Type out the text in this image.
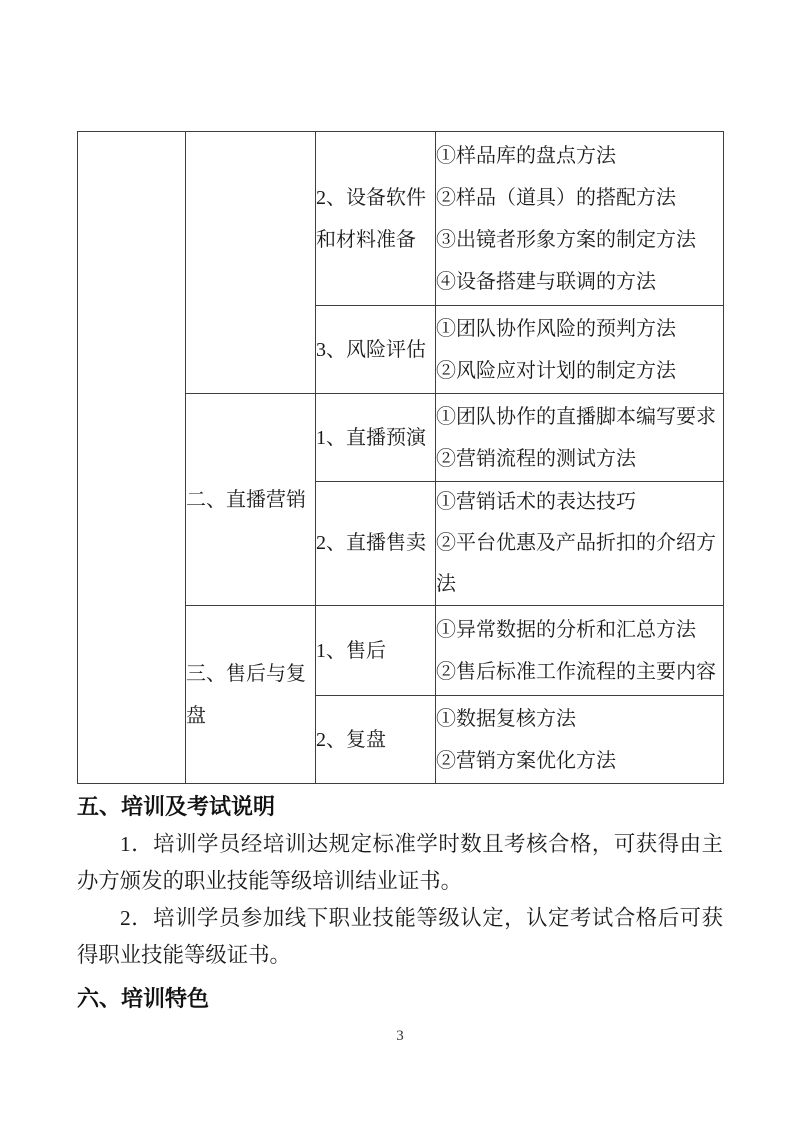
		2、设备软件和材料准备	①样品库的盘点方法
②样品（道具）的搭配方法
③出镜者形象方案的制定方法
④设备搭建与联调的方法

		3、风险评估	①团队协作风险的预判方法
②风险应对计划的制定方法

	二、直播营销	1、直播预演	①团队协作的直播脚本编写要求
②营销流程的测试方法

		2、直播售卖	①营销话术的表达技巧
②平台优惠及产品折扣的介绍方法

	三、售后与复盘	1、售后	①异常数据的分析和汇总方法
②售后标准工作流程的主要内容

		2、复盘	①数据复核方法
②营销方案优化方法
五、培训及考试说明

1．培训学员经培训达规定标准学时数且考核合格，可获得由主办方颁发的职业技能等级培训结业证书。

2．培训学员参加线下职业技能等级认定，认定考试合格后可获得职业技能等级证书。

六、培训特色
3
